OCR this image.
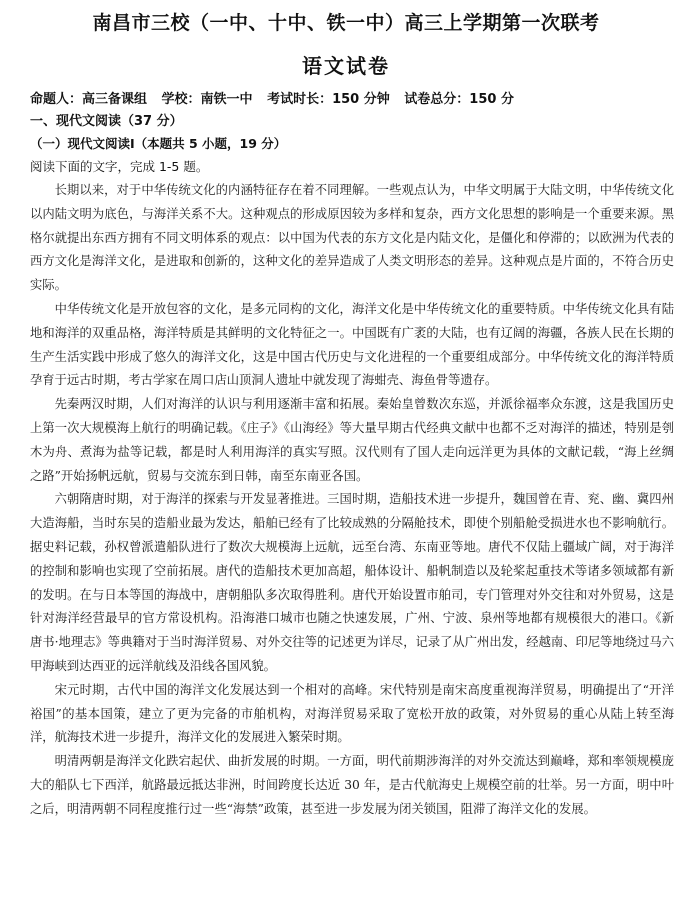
南昌市三校（一中、十中、铁一中）高三上学期第一次联考
语文试卷
命题人：高三备课组 学校：南铁一中 考试时长：150 分钟 试卷总分：150 分
一、现代文阅读（37 分）
（一）现代文阅读Ⅰ（本题共 5 小题，19 分）
阅读下面的文字，完成 1-5 题。

长期以来，对于中华传统文化的内涵特征存在着不同理解。一些观点认为，中华文明属于大陆文明，中华传统文化以内陆文明为底色，与海洋关系不大。这种观点的形成原因较为多样和复杂，西方文化思想的影响是一个重要来源。黑格尔就提出东西方拥有不同文明体系的观点：以中国为代表的东方文化是内陆文化，是僵化和停滞的；以欧洲为代表的西方文化是海洋文化，是进取和创新的，这种文化的差异造成了人类文明形态的差异。这种观点是片面的，不符合历史实际。

中华传统文化是开放包容的文化，是多元同构的文化，海洋文化是中华传统文化的重要特质。中华传统文化具有陆地和海洋的双重品格，海洋特质是其鲜明的文化特征之一。中国既有广袤的大陆，也有辽阔的海疆，各族人民在长期的生产生活实践中形成了悠久的海洋文化，这是中国古代历史与文化进程的一个重要组成部分。中华传统文化的海洋特质孕育于远古时期，考古学家在周口店山顶洞人遗址中就发现了海蚶壳、海鱼骨等遗存。

先秦两汉时期，人们对海洋的认识与利用逐渐丰富和拓展。秦始皇曾数次东巡，并派徐福率众东渡，这是我国历史上第一次大规模海上航行的明确记载。《庄子》《山海经》等大量早期古代经典文献中也都不乏对海洋的描述，特别是刳木为舟、煮海为盐等记载，都是时人利用海洋的真实写照。汉代则有了国人走向远洋更为具体的文献记载，“海上丝绸之路”开始扬帆远航，贸易与交流东到日韩，南至东南亚各国。

六朝隋唐时期，对于海洋的探索与开发显著推进。三国时期，造船技术进一步提升，魏国曾在青、兖、幽、冀四州大造海船，当时东吴的造船业最为发达，船舶已经有了比较成熟的分隔舱技术，即使个别船舱受损进水也不影响航行。据史料记载，孙权曾派遣船队进行了数次大规模海上远航，远至台湾、东南亚等地。唐代不仅陆上疆域广阔，对于海洋的控制和影响也实现了空前拓展。唐代的造船技术更加高超，船体设计、船帆制造以及轮桨起重技术等诸多领域都有新的发明。在与日本等国的海战中，唐朝船队多次取得胜利。唐代开始设置市舶司，专门管理对外交往和对外贸易，这是针对海洋经营最早的官方常设机构。沿海港口城市也随之快速发展，广州、宁波、泉州等地都有规模很大的港口。《新唐书·地理志》等典籍对于当时海洋贸易、对外交往等的记述更为详尽，记录了从广州出发，经越南、印尼等地绕过马六甲海峡到达西亚的远洋航线及沿线各国风貌。

宋元时期，古代中国的海洋文化发展达到一个相对的高峰。宋代特别是南宋高度重视海洋贸易，明确提出了“开洋裕国”的基本国策，建立了更为完备的市舶机构，对海洋贸易采取了宽松开放的政策，对外贸易的重心从陆上转至海洋，航海技术进一步提升，海洋文化的发展进入繁荣时期。

明清两朝是海洋文化跌宕起伏、曲折发展的时期。一方面，明代前期涉海洋的对外交流达到巅峰，郑和率领规模庞大的船队七下西洋，航路最远抵达非洲，时间跨度长达近 30 年，是古代航海史上规模空前的壮举。另一方面，明中叶之后，明清两朝不同程度推行过一些“海禁”政策，甚至进一步发展为闭关锁国，阻滞了海洋文化的发展。
